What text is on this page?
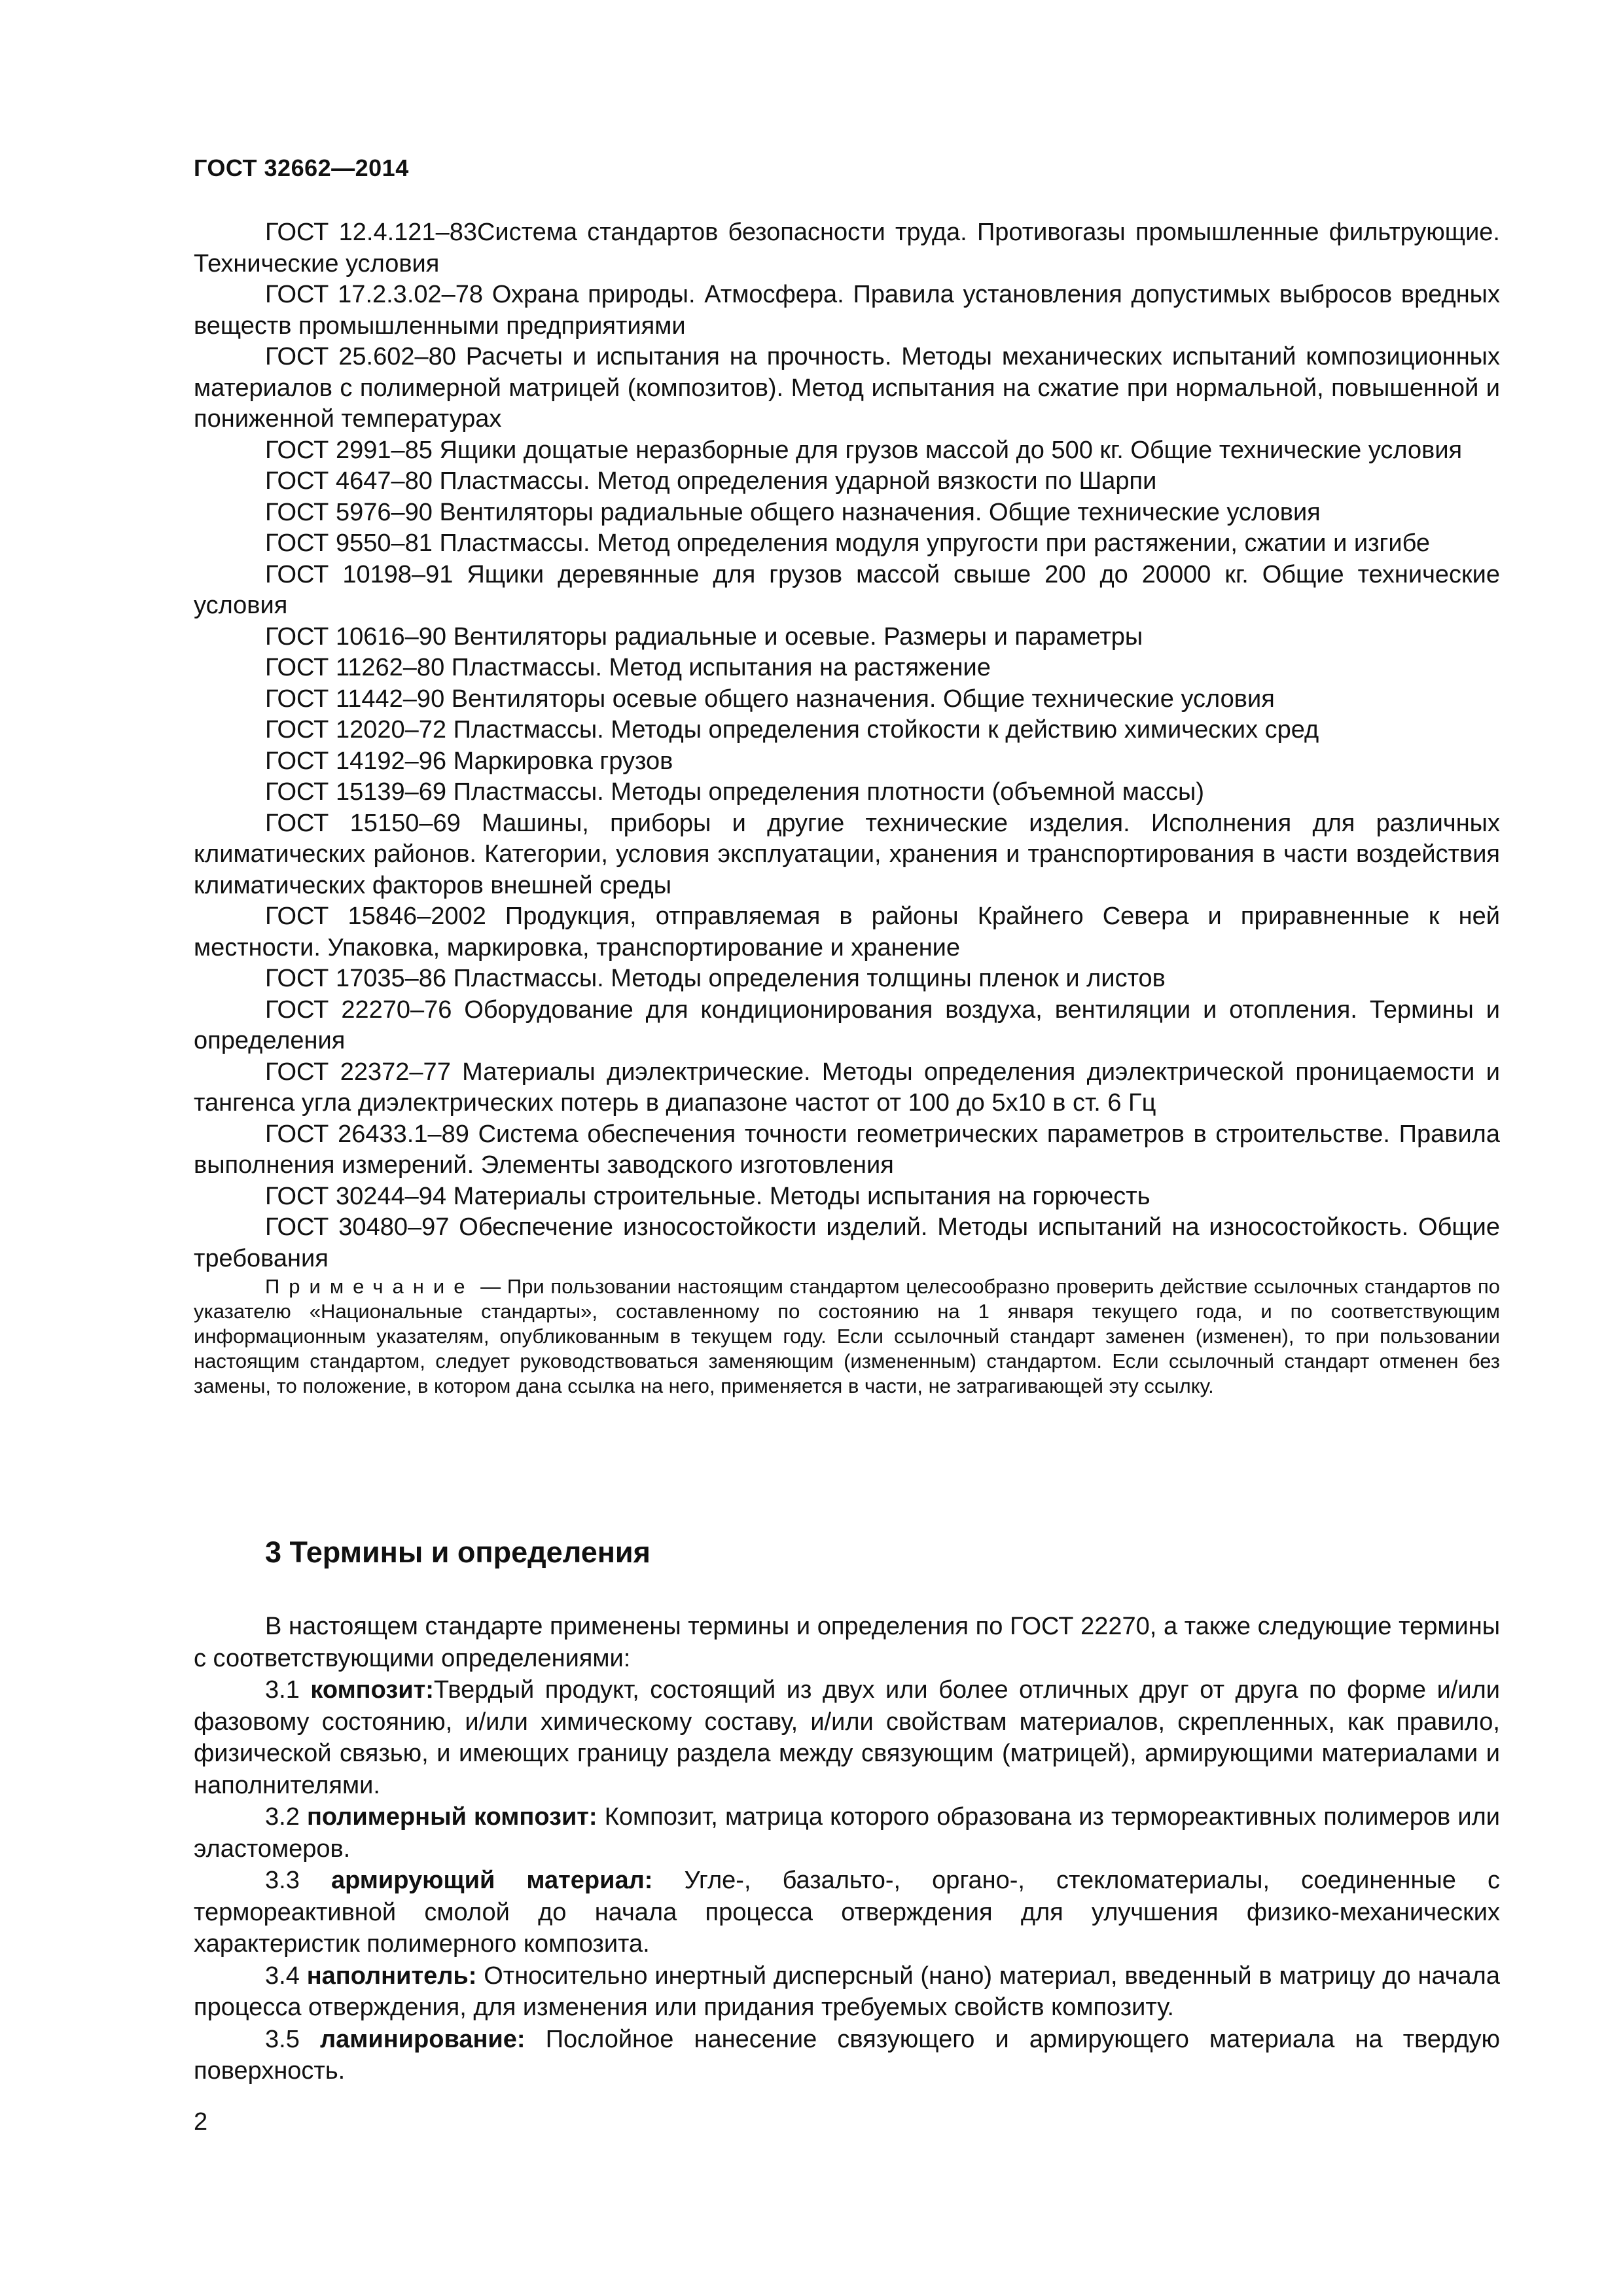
ГОСТ 32662—2014

ГОСТ 12.4.121–83Система стандартов безопасности труда. Противогазы промышленные фильтрующие. Технические условия

ГОСТ 17.2.3.02–78 Охрана природы. Атмосфера. Правила установления допустимых выбросов вредных веществ промышленными предприятиями

ГОСТ 25.602–80 Расчеты и испытания на прочность. Методы механических испытаний композиционных материалов с полимерной матрицей (композитов). Метод испытания на сжатие при нормальной, повышенной и пониженной температурах

ГОСТ 2991–85 Ящики дощатые неразборные для грузов массой до 500 кг. Общие технические условия

ГОСТ 4647–80 Пластмассы. Метод определения ударной вязкости по Шарпи

ГОСТ 5976–90 Вентиляторы радиальные общего назначения. Общие технические условия

ГОСТ 9550–81 Пластмассы. Метод определения модуля упругости при растяжении, сжатии и изгибе

ГОСТ 10198–91 Ящики деревянные для грузов массой свыше 200 до 20000 кг. Общие технические условия

ГОСТ 10616–90 Вентиляторы радиальные и осевые. Размеры и параметры

ГОСТ 11262–80 Пластмассы. Метод испытания на растяжение

ГОСТ 11442–90 Вентиляторы осевые общего назначения. Общие технические условия

ГОСТ 12020–72 Пластмассы. Методы определения стойкости к действию химических сред

ГОСТ 14192–96 Маркировка грузов

ГОСТ 15139–69 Пластмассы. Методы определения плотности (объемной массы)

ГОСТ 15150–69 Машины, приборы и другие технические изделия. Исполнения для различных климатических районов. Категории, условия эксплуатации, хранения и транспортирования в части воздействия климатических факторов внешней среды

ГОСТ 15846–2002 Продукция, отправляемая в районы Крайнего Севера и приравненные к ней местности. Упаковка, маркировка, транспортирование и хранение

ГОСТ 17035–86 Пластмассы. Методы определения толщины пленок и листов

ГОСТ 22270–76 Оборудование для кондиционирования воздуха, вентиляции и отопления. Термины и определения

ГОСТ 22372–77 Материалы диэлектрические. Методы определения диэлектрической проницаемости и тангенса угла диэлектрических потерь в диапазоне частот от 100 до 5х10 в ст. 6 Гц

ГОСТ 26433.1–89 Система обеспечения точности геометрических параметров в строительстве. Правила выполнения измерений. Элементы заводского изготовления

ГОСТ 30244–94 Материалы строительные. Методы испытания на горючесть

ГОСТ 30480–97 Обеспечение износостойкости изделий. Методы испытаний на износостойкость. Общие требования

Примечание — При пользовании настоящим стандартом целесообразно проверить действие ссылочных стандартов по указателю «Национальные стандарты», составленному по состоянию на 1 января текущего года, и по соответствующим информационным указателям, опубликованным в текущем году. Если ссылочный стандарт заменен (изменен), то при пользовании настоящим стандартом, следует руководствоваться заменяющим (измененным) стандартом. Если ссылочный стандарт отменен без замены, то положение, в котором дана ссылка на него, применяется в части, не затрагивающей эту ссылку.

3 Термины и определения

В настоящем стандарте применены термины и определения по ГОСТ 22270, а также следующие термины с соответствующими определениями:

3.1 композит:Твердый продукт, состоящий из двух или более отличных друг от друга по форме и/или фазовому состоянию, и/или химическому составу, и/или свойствам материалов, скрепленных, как правило, физической связью, и имеющих границу раздела между связующим (матрицей), армирующими материалами и наполнителями.

3.2 полимерный композит: Композит, матрица которого образована из термореактивных полимеров или эластомеров.

3.3 армирующий материал: Угле-, базальто-, органо-, стекломатериалы, соединенные с термореактивной смолой до начала процесса отверждения для улучшения физико-механических характеристик полимерного композита.

3.4 наполнитель: Относительно инертный дисперсный (нано) материал, введенный в матрицу до начала процесса отверждения, для изменения или придания требуемых свойств композиту.

3.5 ламинирование: Послойное нанесение связующего и армирующего материала на твердую поверхность.

2
